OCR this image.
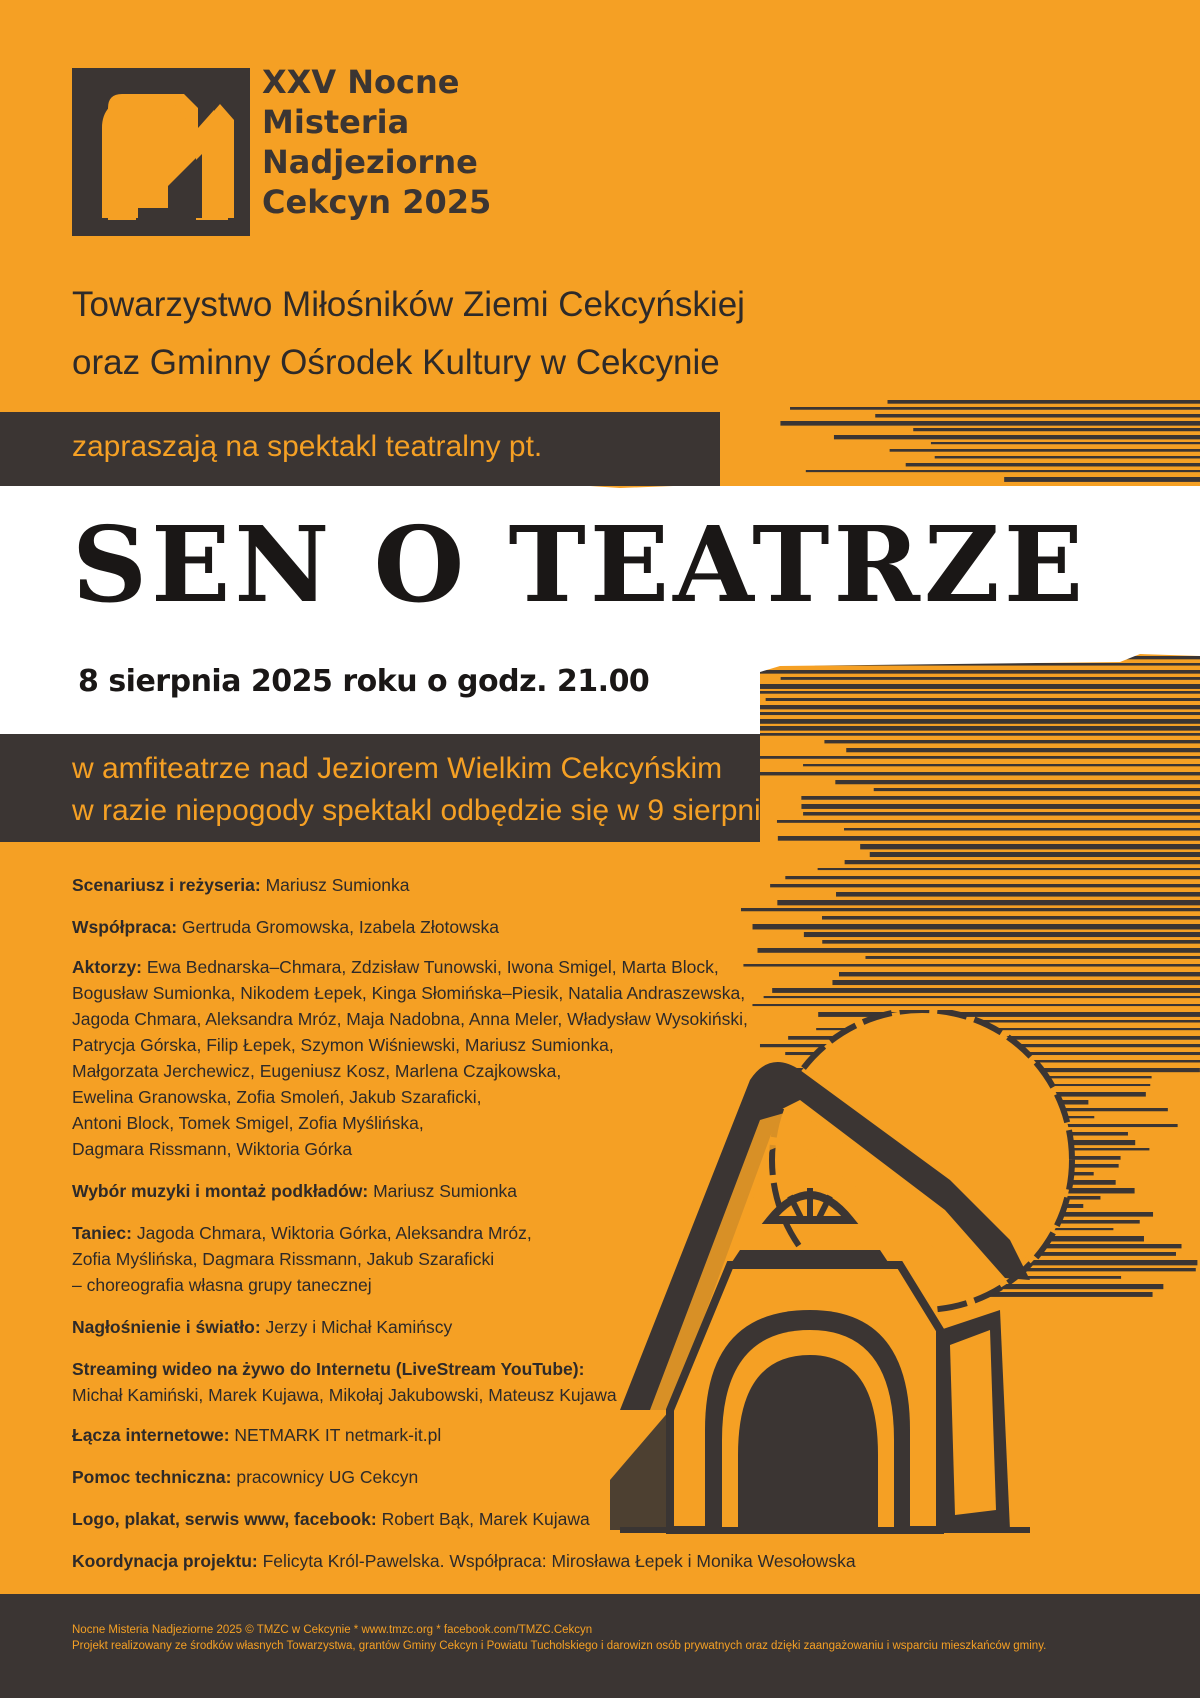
XXV Nocne
Misteria
Nadjeziorne
Cekcyn 2025
Towarzystwo Miłośników Ziemi Cekcyńskiej
oraz Gminny Ośrodek Kultury w Cekcynie
zapraszają na spektakl teatralny pt.
SEN O TEATRZE
8 sierpnia 2025 roku o godz. 21.00
w amfiteatrze nad Jeziorem Wielkim Cekcyńskim
w razie niepogody spektakl odbędzie się w 9 sierpnia
Scenariusz i reżyseria: Mariusz Sumionka
Współpraca: Gertruda Gromowska, Izabela Złotowska
Aktorzy: Ewa Bednarska–Chmara, Zdzisław Tunowski, Iwona Smigel, Marta Block,
Bogusław Sumionka, Nikodem Łepek, Kinga Słomińska–Piesik, Natalia Andraszewska,
Jagoda Chmara, Aleksandra Mróz, Maja Nadobna, Anna Meler, Władysław Wysokiński,
Patrycja Górska, Filip Łepek, Szymon Wiśniewski, Mariusz Sumionka,
Małgorzata Jerchewicz, Eugeniusz Kosz, Marlena Czajkowska,
Ewelina Granowska, Zofia Smoleń, Jakub Szaraficki,
Antoni Block, Tomek Smigel, Zofia Myślińska,
Dagmara Rissmann, Wiktoria Górka
Wybór muzyki i montaż podkładów: Mariusz Sumionka
Taniec: Jagoda Chmara, Wiktoria Górka, Aleksandra Mróz,
Zofia Myślińska, Dagmara Rissmann, Jakub Szaraficki
– choreografia własna grupy tanecznej
Nagłośnienie i światło: Jerzy i Michał Kamińscy
Streaming wideo na żywo do Internetu (LiveStream YouTube):
Michał Kamiński, Marek Kujawa, Mikołaj Jakubowski, Mateusz Kujawa
Łącza internetowe: NETMARK IT netmark-it.pl
Pomoc techniczna: pracownicy UG Cekcyn
Logo, plakat, serwis www, facebook: Robert Bąk, Marek Kujawa
Koordynacja projektu: Felicyta Król-Pawelska. Współpraca: Mirosława Łepek i Monika Wesołowska
Nocne Misteria Nadjeziorne 2025 © TMZC w Cekcynie * www.tmzc.org * facebook.com/TMZC.Cekcyn
Projekt realizowany ze środków własnych Towarzystwa, grantów Gminy Cekcyn i Powiatu Tucholskiego i darowizn osób prywatnych oraz dzięki zaangażowaniu i wsparciu mieszkańców gminy.
